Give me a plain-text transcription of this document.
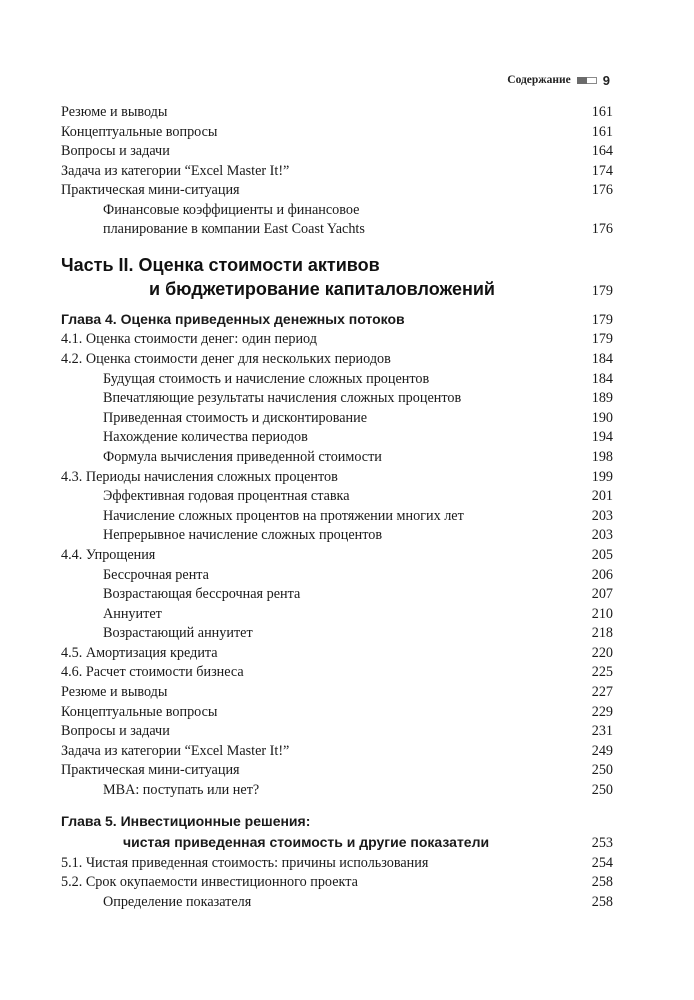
Содержание 9
Резюме и выводы	161
Концептуальные вопросы	161
Вопросы и задачи	164
Задача из категории “Excel Master It!”	174
Практическая мини-ситуация	176
Финансовые коэффициенты и финансовое
планирование в компании East Coast Yachts	176
Часть II. Оценка стоимости активов
и бюджетирование капиталовложений	179
Глава 4. Оценка приведенных денежных потоков	179
4.1. Оценка стоимости денег: один период	179
4.2. Оценка стоимости денег для нескольких периодов	184
Будущая стоимость и начисление сложных процентов	184
Впечатляющие результаты начисления сложных процентов	189
Приведенная стоимость и дисконтирование	190
Нахождение количества периодов	194
Формула вычисления приведенной стоимости	198
4.3. Периоды начисления сложных процентов	199
Эффективная годовая процентная ставка	201
Начисление сложных процентов на протяжении многих лет	203
Непрерывное начисление сложных процентов	203
4.4. Упрощения	205
Бессрочная рента	206
Возрастающая бессрочная рента	207
Аннуитет	210
Возрастающий аннуитет	218
4.5. Амортизация кредита	220
4.6. Расчет стоимости бизнеса	225
Резюме и выводы	227
Концептуальные вопросы	229
Вопросы и задачи	231
Задача из категории “Excel Master It!”	249
Практическая мини-ситуация	250
MBA: поступать или нет?	250
Глава 5. Инвестиционные решения:
чистая приведенная стоимость и другие показатели	253
5.1. Чистая приведенная стоимость: причины использования	254
5.2. Срок окупаемости инвестиционного проекта	258
Определение показателя	258
